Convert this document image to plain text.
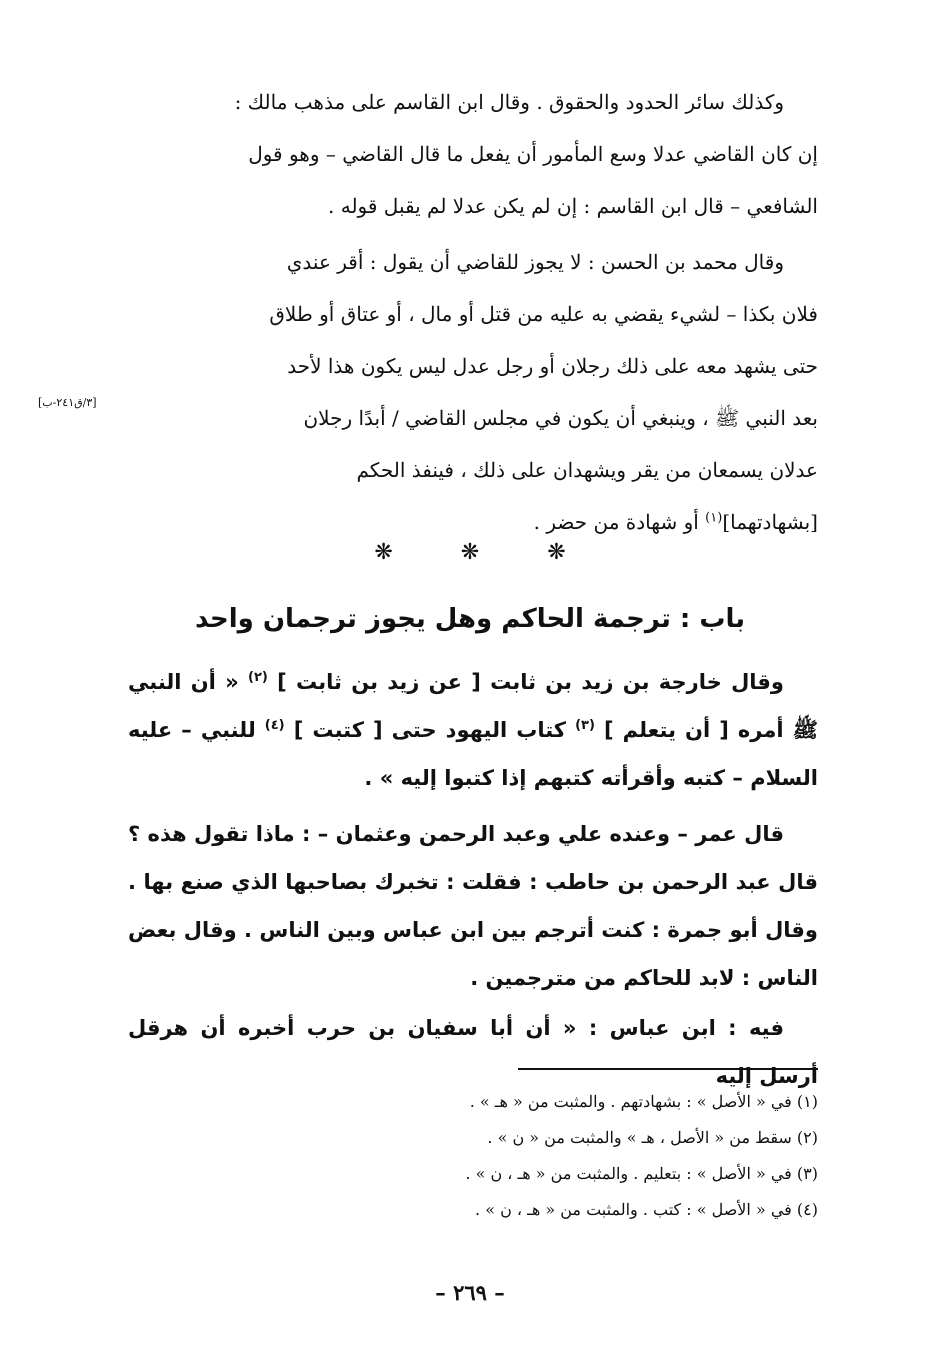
وكذلك سائر الحدود والحقوق . وقال ابن القاسم على مذهب مالك :
إن كان القاضي عدلا وسع المأمور أن يفعل ما قال القاضي – وهو قول
الشافعي – قال ابن القاسم : إن لم يكن عدلا لم يقبل قوله .

وقال محمد بن الحسن : لا يجوز للقاضي أن يقول : أقر عندي
فلان بكذا – لشيء يقضي به عليه من قتل أو مال ، أو عتاق أو طلاق
حتى يشهد معه على ذلك رجلان أو رجل عدل ليس يكون هذا لأحد
بعد النبي ﷺ ، وينبغي أن يكون في مجلس القاضي / أبدًا رجلان
عدلان يسمعان من يقر ويشهدان على ذلك ، فينفذ الحكم
[بشهادتهما]$^{(١)}$ أو شهادة من حضر .

[٣/ق٢٤١-ب]
❋	❋	❋
باب : ترجمة الحاكم وهل يجوز ترجمان واحد

وقال خارجة بن زيد بن ثابت [ عن زيد بن ثابت ] $^{(٢)}$ « أن النبي ﷺ أمره [ أن يتعلم ] $^{(٣)}$ كتاب اليهود حتى [ كتبت ] $^{(٤)}$ للنبي – عليه السلام – كتبه وأقرأته كتبهم إذا كتبوا إليه » .

قال عمر – وعنده علي وعبد الرحمن وعثمان – : ماذا تقول هذه ؟ قال عبد الرحمن بن حاطب : فقلت : تخبرك بصاحبها الذي صنع بها . وقال أبو جمرة : كنت أترجم بين ابن عباس وبين الناس . وقال بعض الناس : لابد للحاكم من مترجمين .

فيه : ابن عباس : « أن أبا سفيان بن حرب أخبره أن هرقل أرسل إليه

(١) في « الأصل » : بشهادتهم . والمثبت من « هـ » .
(٢) سقط من « الأصل ، هـ » والمثبت من « ن » .
(٣) في « الأصل » : بتعليم . والمثبت من « هـ ، ن » .
(٤) في « الأصل » : كتب . والمثبت من « هـ ، ن » .
– ٢٦٩ –
